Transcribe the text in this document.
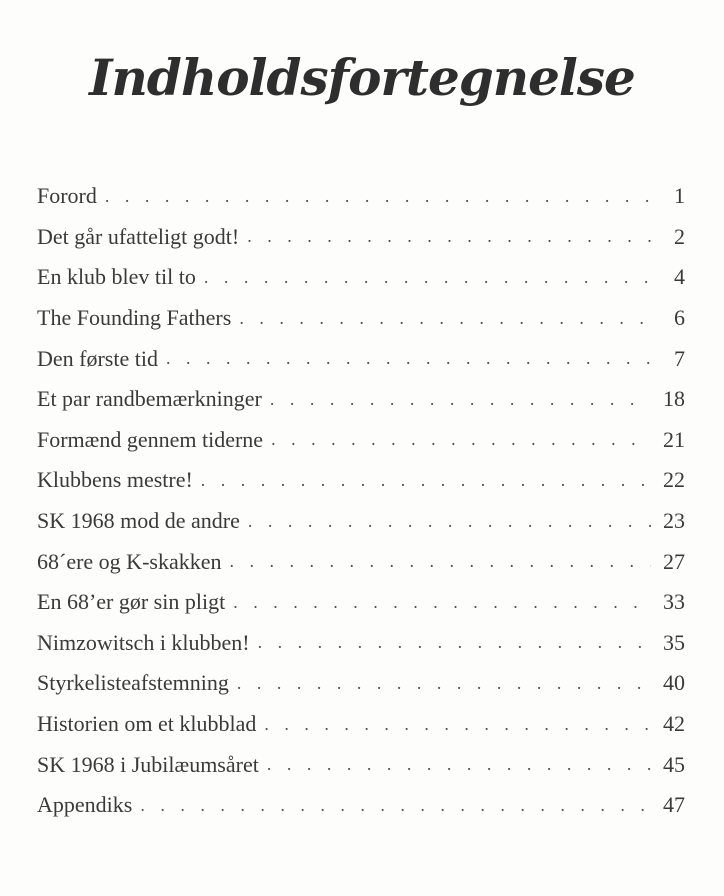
Indholdsfortegnelse
Forord . . .	1
Det går ufatteligt godt! . . .	2
En klub blev til to . . .	4
The Founding Fathers . . .	6
Den første tid . . .	7
Et par randbemærkninger . . .	18
Formænd gennem tiderne . . .	21
Klubbens mestre! . . .	22
SK 1968 mod de andre . . .	23
68´ere og K-skakken . . .	27
En 68’er gør sin pligt . . .	33
Nimzowitsch i klubben! . . .	35
Styrkelisteafstemning . . .	40
Historien om et klubblad . . .	42
SK 1968 i Jubilæumsåret . . .	45
Appendiks . . .	47
